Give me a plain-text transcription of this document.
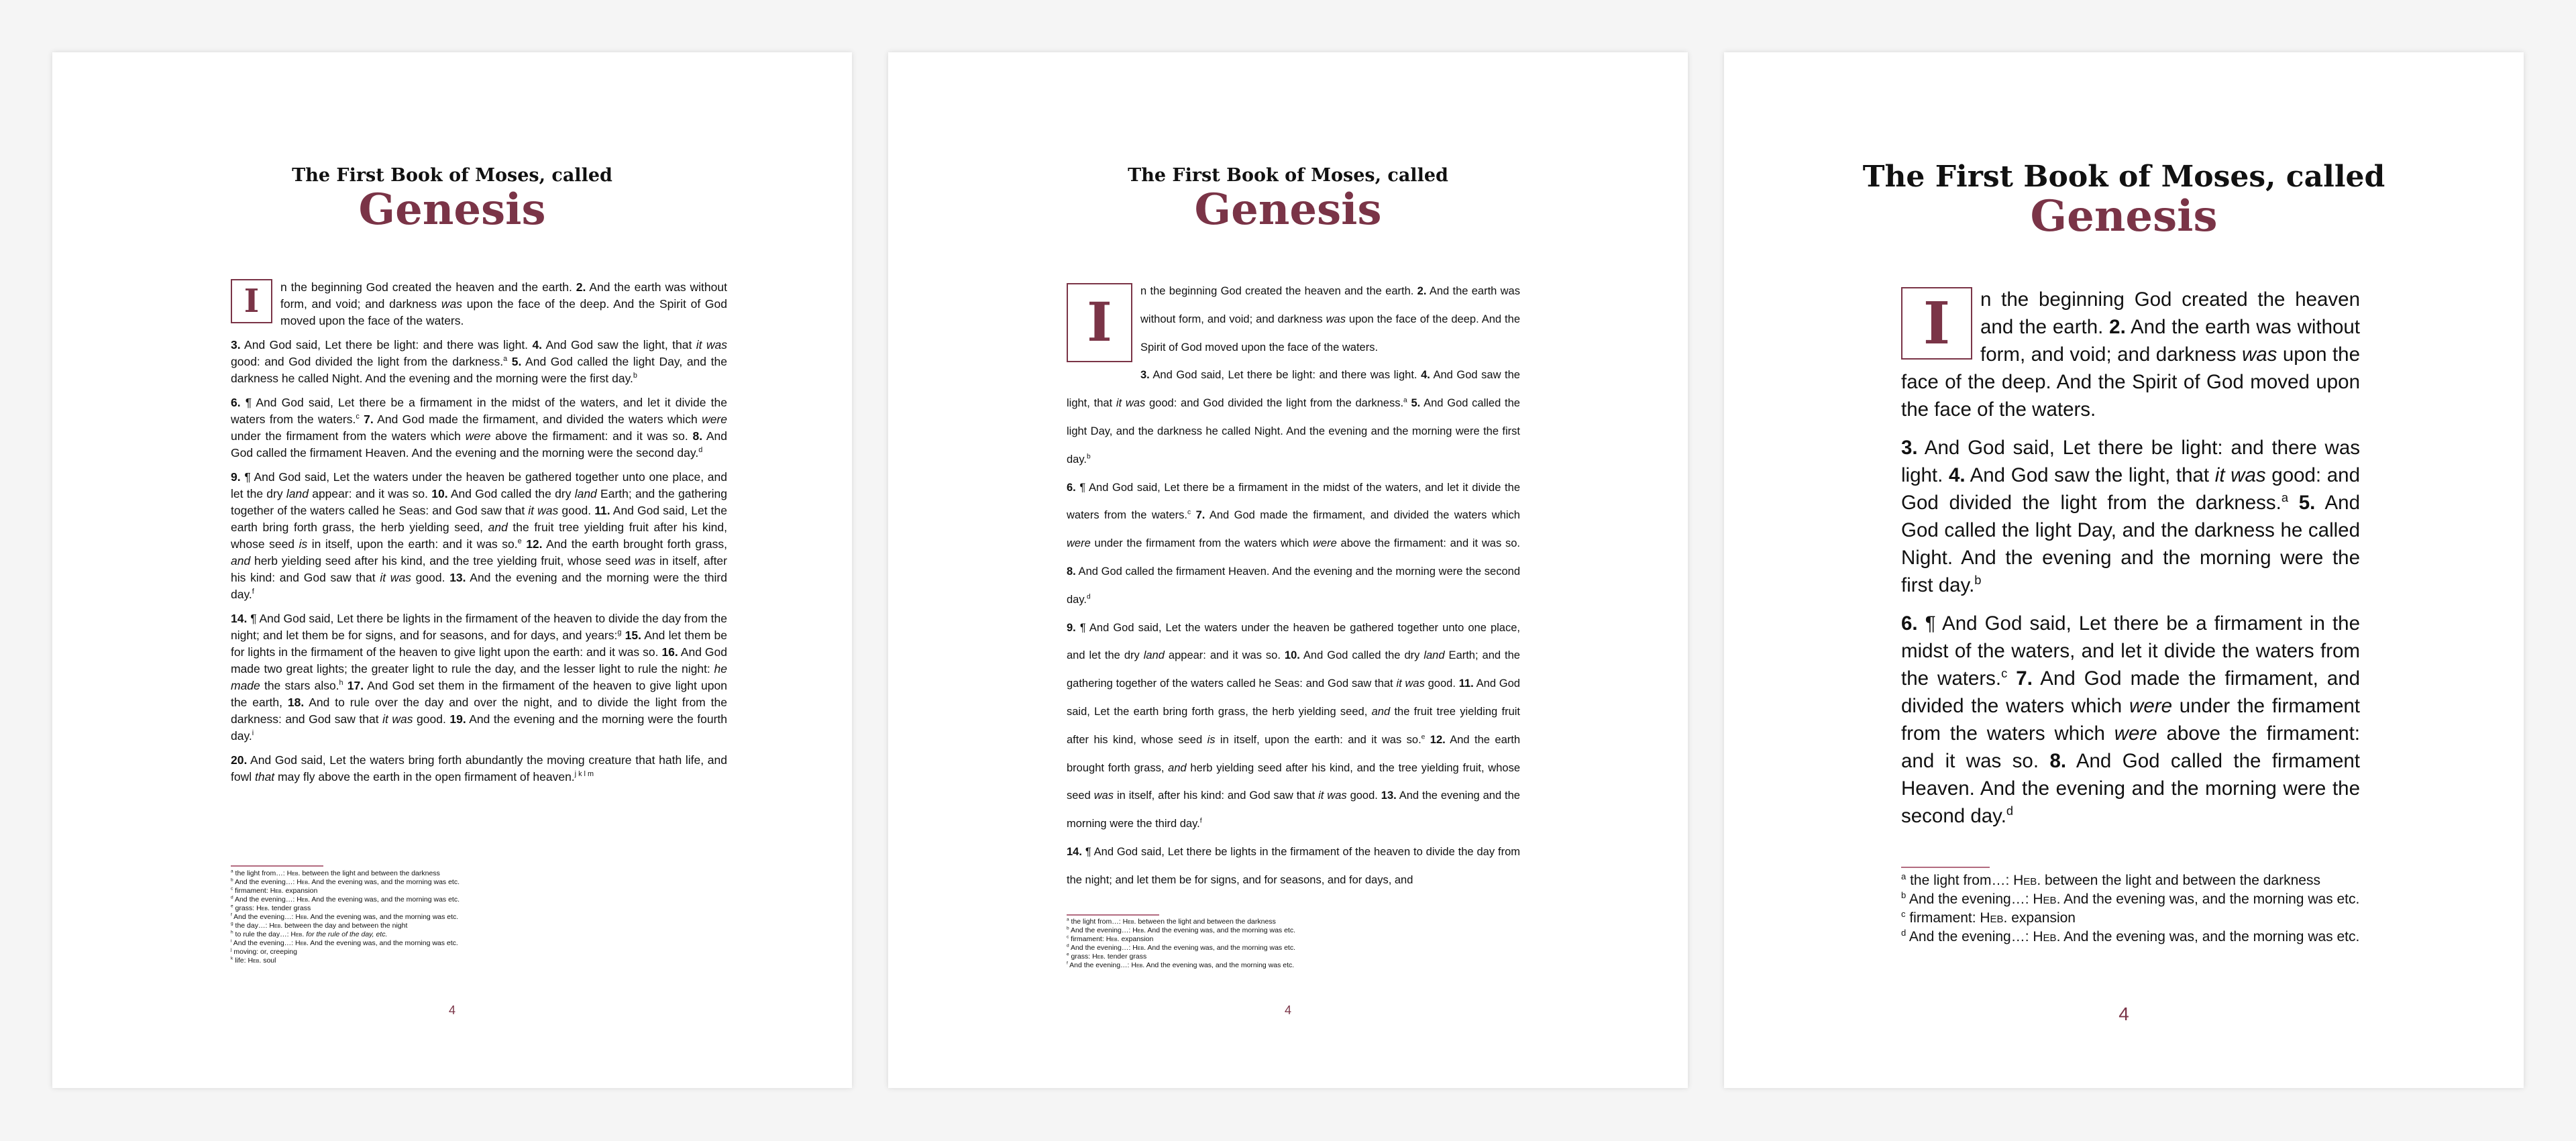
The First Book of Moses, called
Genesis

I	n the beginning God created the heaven and the earth. 2. And the earth was without form, and void; and darkness was upon the face of the deep. And the Spirit of God moved upon the face of the waters.

3. And God said, Let there be light: and there was light. 4. And God saw the light, that it was good: and God divided the light from the darkness.$^a$ 5. And God called the light Day, and the darkness he called Night. And the evening and the morning were the first day.$^b$

6. ¶ And God said, Let there be a firmament in the midst of the waters, and let it divide the waters from the waters.$^c$ 7. And God made the firmament, and divided the waters which were under the firmament from the waters which were above the firmament: and it was so. 8. And God called the firmament Heaven. And the evening and the morning were the second day.$^d$

9. ¶ And God said, Let the waters under the heaven be gathered together unto one place, and let the dry land appear: and it was so. 10. And God called the dry land Earth; and the gathering together of the waters called he Seas: and God saw that it was good. 11. And God said, Let the earth bring forth grass, the herb yielding seed, and the fruit tree yielding fruit after his kind, whose seed is in itself, upon the earth: and it was so.$^e$ 12. And the earth brought forth grass, and herb yielding seed after his kind, and the tree yielding fruit, whose seed was in itself, after his kind: and God saw that it was good. 13. And the evening and the morning were the third day.$^f$

14. ¶ And God said, Let there be lights in the firmament of the heaven to divide the day from the night; and let them be for signs, and for seasons, and for days, and years:$^g$ 15. And let them be for lights in the firmament of the heaven to give light upon the earth: and it was so. 16. And God made two great lights; the greater light to rule the day, and the lesser light to rule the night: he made the stars also.$^h$ 17. And God set them in the firmament of the heaven to give light upon the earth, 18. And to rule over the day and over the night, and to divide the light from the darkness: and God saw that it was good. 19. And the evening and the morning were the fourth day.$^i$

20. And God said, Let the waters bring forth abundantly the moving creature that hath life, and fowl that may fly above the earth in the open firmament of heaven.$^{j k l m}$

$^a$ the light from…: Heb. between the light and between the darkness
$^b$ And the evening…: Heb. And the evening was, and the morning was etc.
$^c$ firmament: Heb. expansion
$^d$ And the evening…: Heb. And the evening was, and the morning was etc.
$^e$ grass: Heb. tender grass
$^f$ And the evening…: Heb. And the evening was, and the morning was etc.
$^g$ the day…: Heb. between the day and between the night
$^h$ to rule the day…: Heb. for the rule of the day, etc.
$^i$ And the evening…: Heb. And the evening was, and the morning was etc.
$^j$ moving: or, creeping
$^k$ life: Heb. soul
4
The First Book of Moses, called
Genesis

I	n the beginning God created the heaven and the earth. 2. And the earth was without form, and void; and darkness was upon the face of the deep. And the Spirit of God moved upon the face of the waters.

3. And God said, Let there be light: and there was light. 4. And God saw the light, that it was good: and God divided the light from the darkness.$^a$ 5. And God called the light Day, and the darkness he called Night. And the evening and the morning were the first day.$^b$

6. ¶ And God said, Let there be a firmament in the midst of the waters, and let it divide the waters from the waters.$^c$ 7. And God made the firmament, and divided the waters which were under the firmament from the waters which were above the firmament: and it was so. 8. And God called the firmament Heaven. And the evening and the morning were the second day.$^d$

9. ¶ And God said, Let the waters under the heaven be gathered together unto one place, and let the dry land appear: and it was so. 10. And God called the dry land Earth; and the gathering together of the waters called he Seas: and God saw that it was good. 11. And God said, Let the earth bring forth grass, the herb yielding seed, and the fruit tree yielding fruit after his kind, whose seed is in itself, upon the earth: and it was so.$^e$ 12. And the earth brought forth grass, and herb yielding seed after his kind, and the tree yielding fruit, whose seed was in itself, after his kind: and God saw that it was good. 13. And the evening and the morning were the third day.$^f$

14. ¶ And God said, Let there be lights in the firmament of the heaven to divide the day from the night; and let them be for signs, and for seasons, and for days, and

$^a$ the light from…: Heb. between the light and between the darkness
$^b$ And the evening…: Heb. And the evening was, and the morning was etc.
$^c$ firmament: Heb. expansion
$^d$ And the evening…: Heb. And the evening was, and the morning was etc.
$^e$ grass: Heb. tender grass
$^f$ And the evening…: Heb. And the evening was, and the morning was etc.
4
The First Book of Moses, called
Genesis

I	n the beginning God created the heaven and the earth. 2. And the earth was without form, and void; and darkness was upon the face of the deep. And the Spirit of God moved upon the face of the waters.

3. And God said, Let there be light: and there was light. 4. And God saw the light, that it was good: and God divided the light from the darkness.$^a$ 5. And God called the light Day, and the darkness he called Night. And the evening and the morning were the first day.$^b$

6. ¶ And God said, Let there be a firmament in the midst of the waters, and let it divide the waters from the waters.$^c$ 7. And God made the firmament, and divided the waters which were under the firmament from the waters which were above the firmament: and it was so. 8. And God called the firmament Heaven. And the evening and the morning were the second day.$^d$

$^a$ the light from…: Heb. between the light and between the darkness
$^b$ And the evening…: Heb. And the evening was, and the morning was etc.
$^c$ firmament: Heb. expansion
$^d$ And the evening…: Heb. And the evening was, and the morning was etc.
4
